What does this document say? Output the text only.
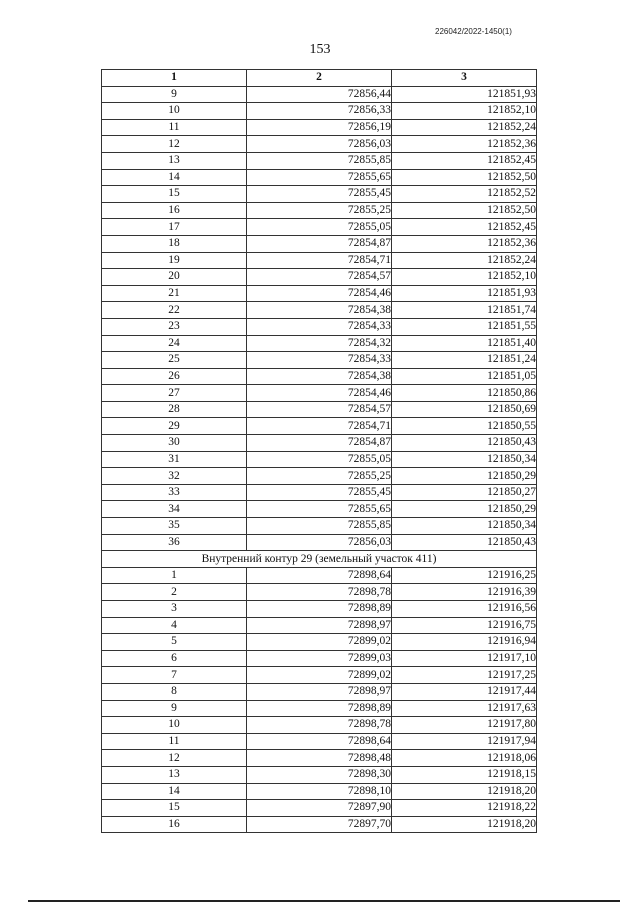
226042/2022-1450(1)
153
1	2	3
9	72856,44	121851,93
10	72856,33	121852,10
11	72856,19	121852,24
12	72856,03	121852,36
13	72855,85	121852,45
14	72855,65	121852,50
15	72855,45	121852,52
16	72855,25	121852,50
17	72855,05	121852,45
18	72854,87	121852,36
19	72854,71	121852,24
20	72854,57	121852,10
21	72854,46	121851,93
22	72854,38	121851,74
23	72854,33	121851,55
24	72854,32	121851,40
25	72854,33	121851,24
26	72854,38	121851,05
27	72854,46	121850,86
28	72854,57	121850,69
29	72854,71	121850,55
30	72854,87	121850,43
31	72855,05	121850,34
32	72855,25	121850,29
33	72855,45	121850,27
34	72855,65	121850,29
35	72855,85	121850,34
36	72856,03	121850,43
Внутренний контур 29 (земельный участок 411)		
1	72898,64	121916,25
2	72898,78	121916,39
3	72898,89	121916,56
4	72898,97	121916,75
5	72899,02	121916,94
6	72899,03	121917,10
7	72899,02	121917,25
8	72898,97	121917,44
9	72898,89	121917,63
10	72898,78	121917,80
11	72898,64	121917,94
12	72898,48	121918,06
13	72898,30	121918,15
14	72898,10	121918,20
15	72897,90	121918,22
16	72897,70	121918,20
